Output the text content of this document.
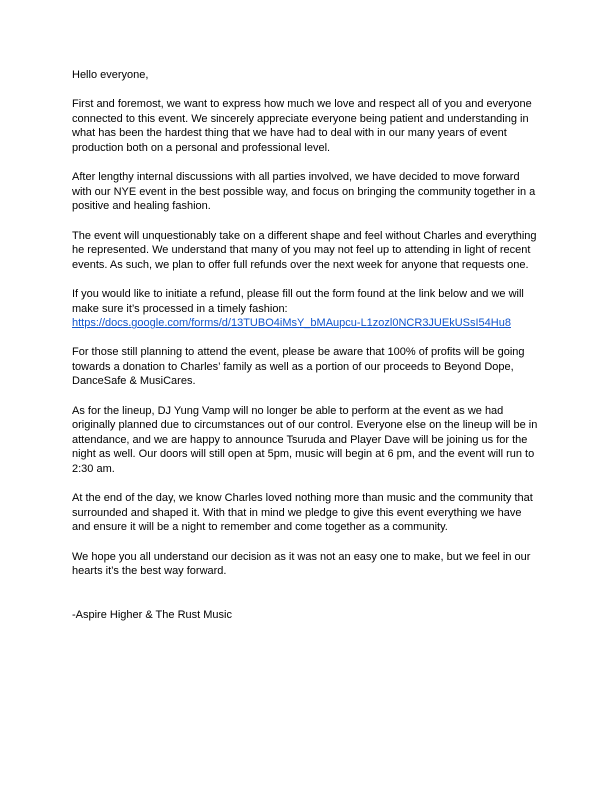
Hello everyone,

First and foremost, we want to express how much we love and respect all of you and everyone connected to this event. We sincerely appreciate everyone being patient and understanding in what has been the hardest thing that we have had to deal with in our many years of event production both on a personal and professional level.

After lengthy internal discussions with all parties involved, we have decided to move forward with our NYE event in the best possible way, and focus on bringing the community together in a positive and healing fashion.

The event will unquestionably take on a different shape and feel without Charles and everything he represented. We understand that many of you may not feel up to attending in light of recent events. As such, we plan to offer full refunds over the next week for anyone that requests one.

If you would like to initiate a refund, please fill out the form found at the link below and we will make sure it’s processed in a timely fashion:
https://docs.google.com/forms/d/13TUBO4iMsY_bMAupcu-L1zozl0NCR3JUEkUSsI54Hu8

For those still planning to attend the event, please be aware that 100% of profits will be going towards a donation to Charles’ family as well as a portion of our proceeds to Beyond Dope, DanceSafe & MusiCares.

As for the lineup, DJ Yung Vamp will no longer be able to perform at the event as we had originally planned due to circumstances out of our control. Everyone else on the lineup will be in attendance, and we are happy to announce Tsuruda and Player Dave will be joining us for the night as well. Our doors will still open at 5pm, music will begin at 6 pm, and the event will run to 2:30 am.

At the end of the day, we know Charles loved nothing more than music and the community that surrounded and shaped it. With that in mind we pledge to give this event everything we have and ensure it will be a night to remember and come together as a community.

We hope you all understand our decision as it was not an easy one to make, but we feel in our hearts it’s the best way forward.

-Aspire Higher & The Rust Music
